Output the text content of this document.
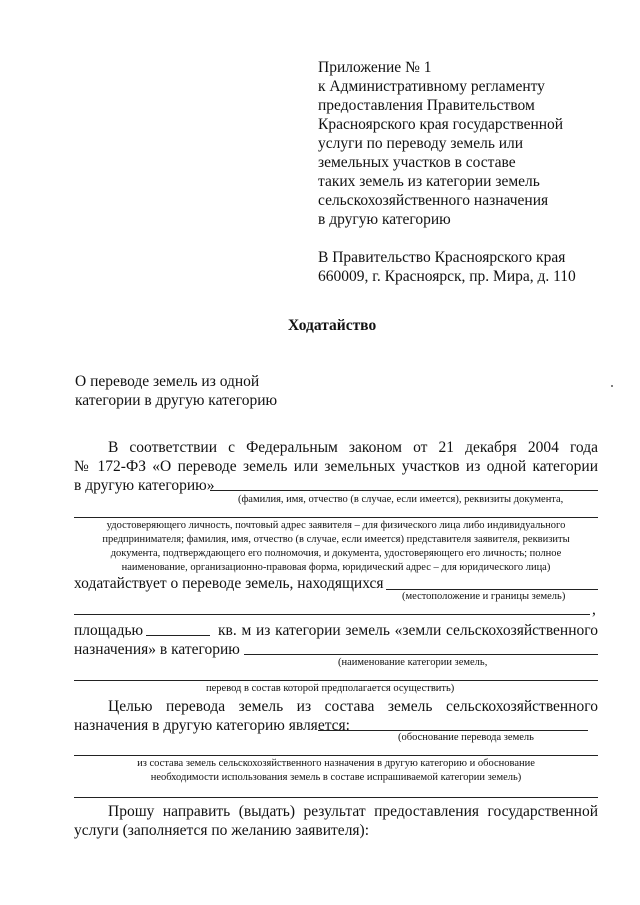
Приложение № 1
к Административному регламенту
предоставления Правительством
Красноярского края государственной
услуги по переводу земель или
земельных участков в составе
таких земель из категории земель
сельскохозяйственного назначения
в другую категорию
В Правительство Красноярского края
660009, г. Красноярск, пр. Мира, д. 110
Ходатайство
О переводе земель из одной
категории в другую категорию
В соответствии с Федеральным законом от 21 декабря 2004 года
№ 172-ФЗ «О переводе земель или земельных участков из одной категории
в другую категорию»
(фамилия, имя, отчество (в случае, если имеется), реквизиты документа,
удостоверяющего личность, почтовый адрес заявителя – для физического лица либо индивидуального
предпринимателя; фамилия, имя, отчество (в случае, если имеется) представителя заявителя, реквизиты
документа, подтверждающего его полномочия, и документа, удостоверяющего его личность; полное
наименование, организационно-правовая форма, юридический адрес – для юридического лица)
ходатайствует о переводе земель, находящихся
(местоположение и границы земель)
,
площадью	кв. м из категории земель «земли сельскохозяйственного
назначения» в категорию
(наименование категории земель,
перевод в состав которой предполагается осуществить)
Целью перевода земель из состава земель сельскохозяйственного
назначения в другую категорию является:
(обоснование перевода земель
из состава земель сельскохозяйственного назначения в другую категорию и обоснование
необходимости использования земель в составе испрашиваемой категории земель)
Прошу направить (выдать) результат предоставления государственной
услуги (заполняется по желанию заявителя):
